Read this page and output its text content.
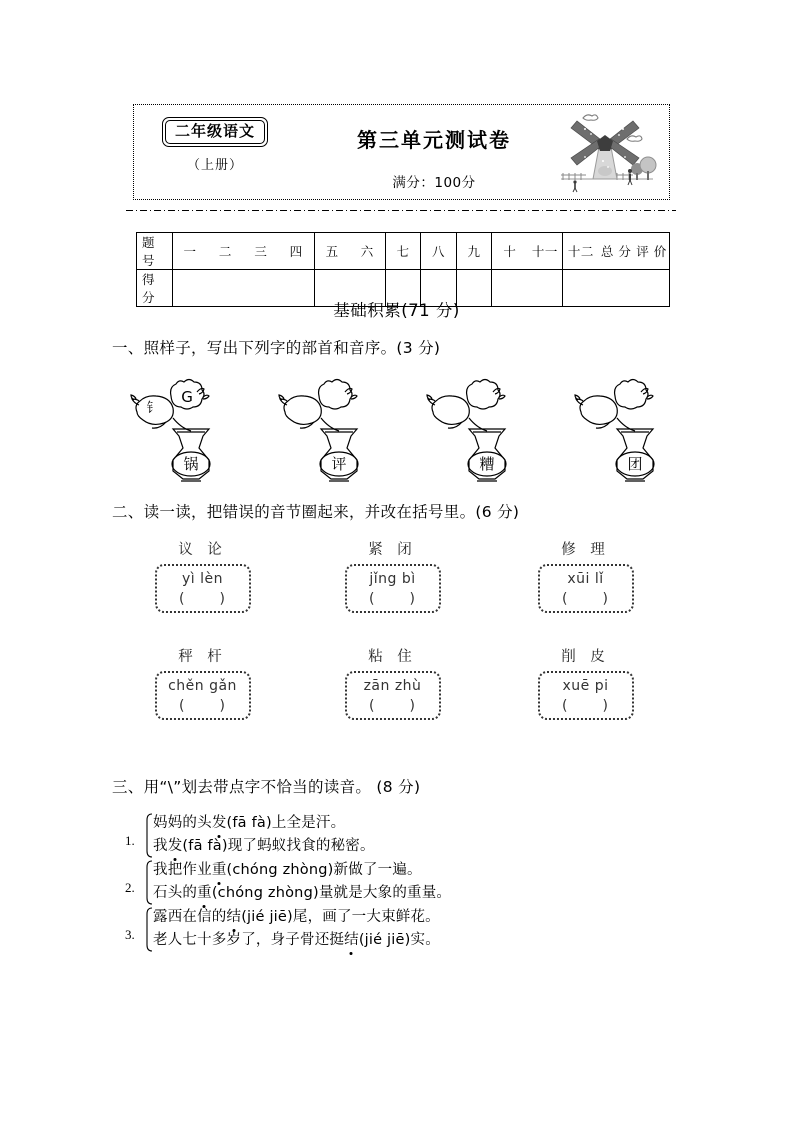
二年级语文
（上册）
第三单元测试卷
满分：100分
题 号	一	二	三	四	五	六	七	八	九	十	十一	十二	总 分	评 价
得 分														
基础积累(71 分)
一、照样子，写出下列字的部首和音序。(3 分)
钅
G
锅	评	糟	团
二、读一读，把错误的音节圈起来，并改在括号里。(6 分)
议 论
yì lèn
( )
紧 闭
jǐng bì
( )
修 理
xūi lǐ
( )
秤 杆
chěn gǎn
( )
粘 住
zān zhù
( )
削 皮
xuē pi
( )
三、用“\”划去带点字不恰当的读音。 (8 分)
1.
妈妈的头发(fā fà)上全是汗。
我发(fā fà)现了蚂蚁找食的秘密。
2.
我把作业重(chóng zhòng)新做了一遍。
石头的重(chóng zhòng)量就是大象的重量。
3.
露西在信的结(jié jiē)尾，画了一大束鲜花。
老人七十多岁了，身子骨还挺结(jié jiē)实。
